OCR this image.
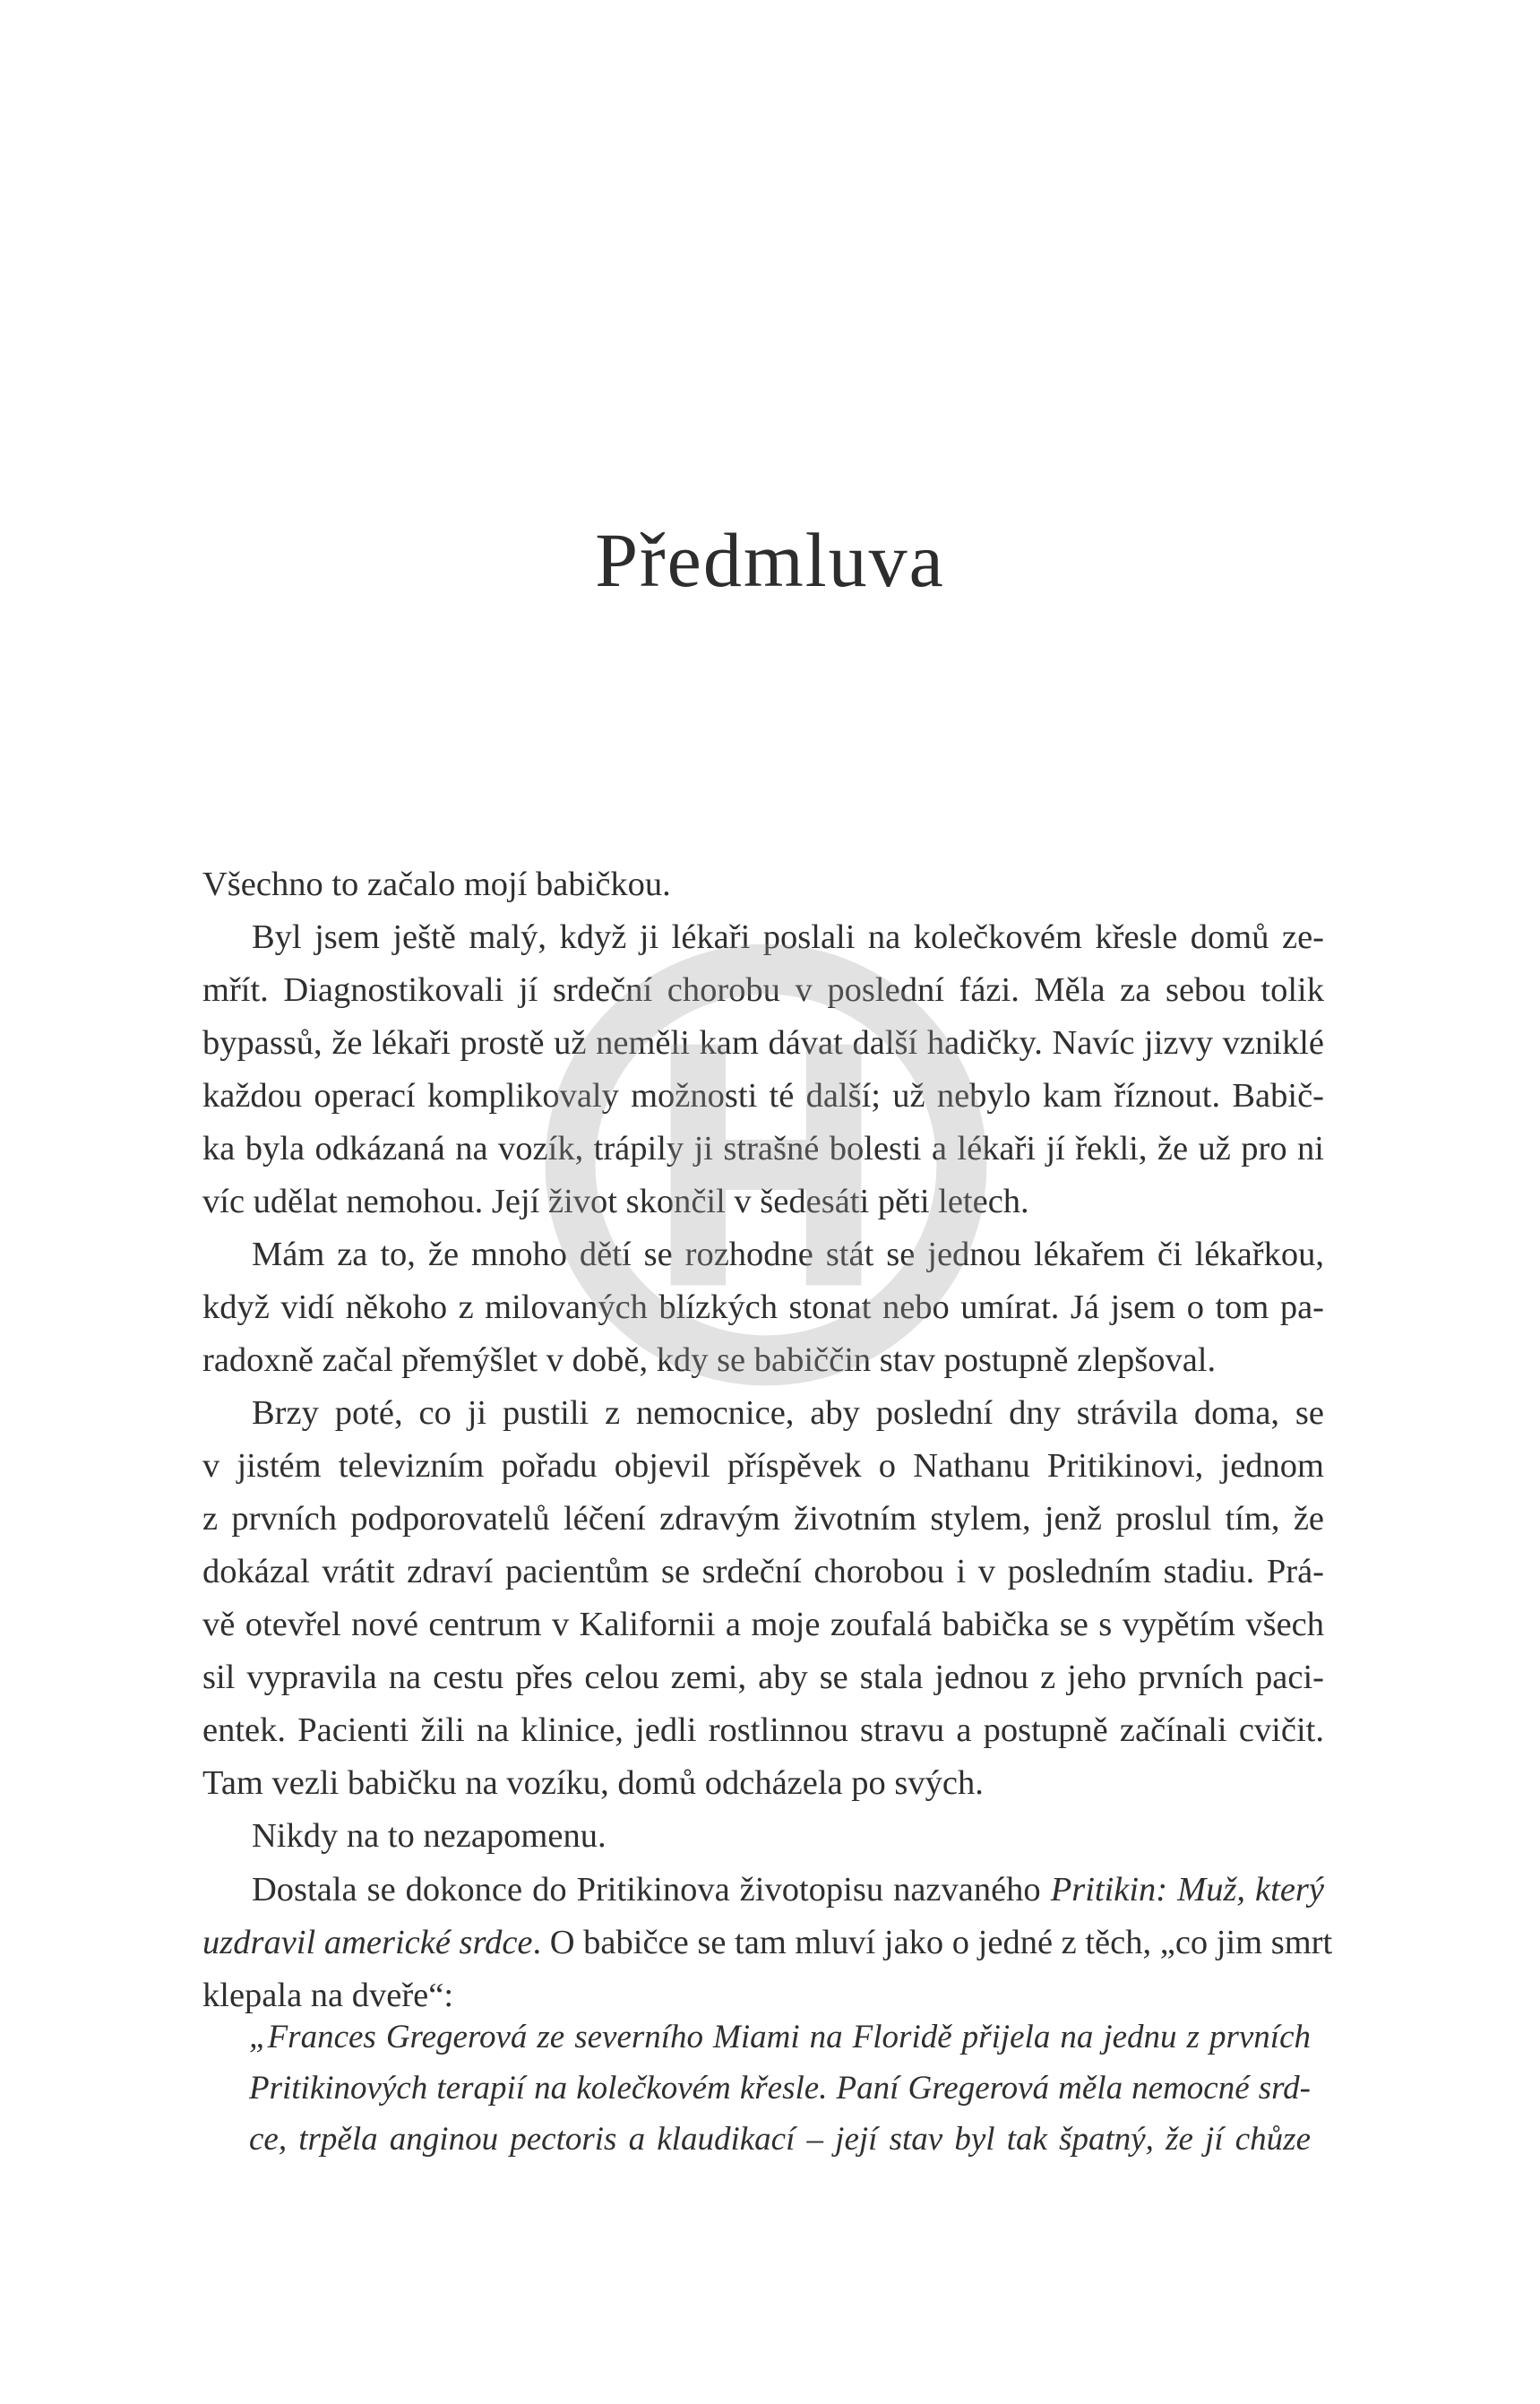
Předmluva
Všechno to začalo mojí babičkou.
Byl jsem ještě malý, když ji lékaři poslali na kolečkovém křesle domů ze-
mřít. Diagnostikovali jí srdeční chorobu v poslední fázi. Měla za sebou tolik
bypassů, že lékaři prostě už neměli kam dávat další hadičky. Navíc jizvy vzniklé
každou operací komplikovaly možnosti té další; už nebylo kam říznout. Babič-
ka byla odkázaná na vozík, trápily ji strašné bolesti a lékaři jí řekli, že už pro ni
víc udělat nemohou. Její život skončil v šedesáti pěti letech.
Mám za to, že mnoho dětí se rozhodne stát se jednou lékařem či lékařkou,
když vidí někoho z milovaných blízkých stonat nebo umírat. Já jsem o tom pa-
radoxně začal přemýšlet v době, kdy se babiččin stav postupně zlepšoval.
Brzy poté, co ji pustili z nemocnice, aby poslední dny strávila doma, se
v jistém televizním pořadu objevil příspěvek o Nathanu Pritikinovi, jednom
z prvních podporovatelů léčení zdravým životním stylem, jenž proslul tím, že
dokázal vrátit zdraví pacientům se srdeční chorobou i v posledním stadiu. Prá-
vě otevřel nové centrum v Kalifornii a moje zoufalá babička se s vypětím všech
sil vypravila na cestu přes celou zemi, aby se stala jednou z jeho prvních paci-
entek. Pacienti žili na klinice, jedli rostlinnou stravu a postupně začínali cvičit.
Tam vezli babičku na vozíku, domů odcházela po svých.
Nikdy na to nezapomenu.
Dostala se dokonce do Pritikinova životopisu nazvaného Pritikin: Muž, který
uzdravil americké srdce. O babičce se tam mluví jako o jedné z těch, „co jim smrt
klepala na dveře“:
„Frances Gregerová ze severního Miami na Floridě přijela na jednu z prvních
Pritikinových terapií na kolečkovém křesle. Paní Gregerová měla nemocné srd-
ce, trpěla anginou pectoris a klaudikací – její stav byl tak špatný, že jí chůze
